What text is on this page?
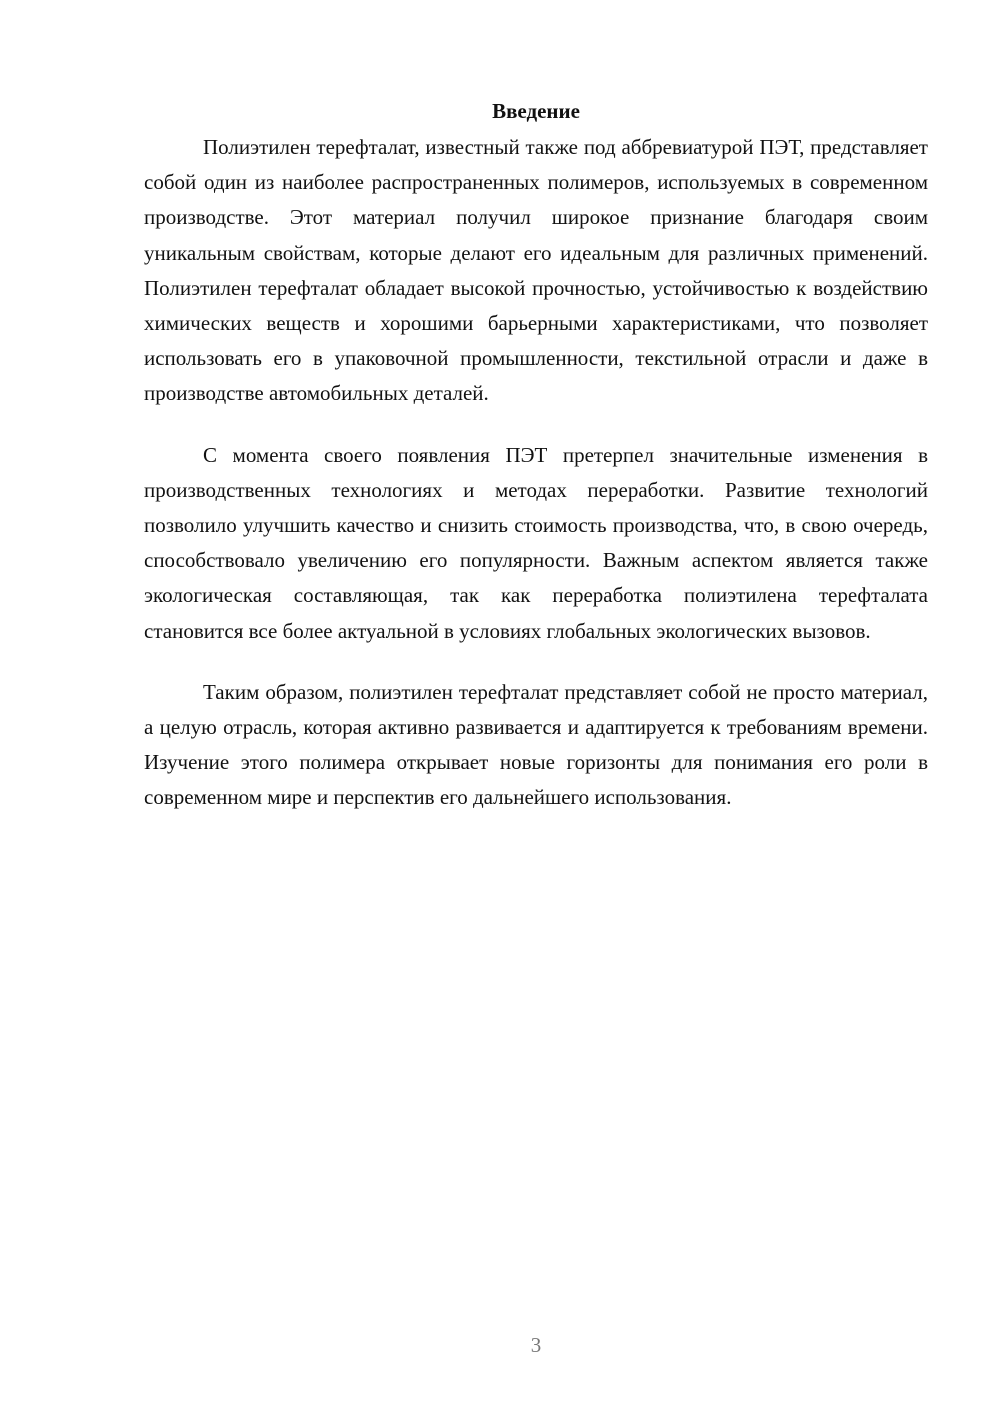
Введение

Полиэтилен терефталат, известный также под аббревиатурой ПЭТ, представляет собой один из наиболее распространенных полимеров, используемых в современном производстве. Этот материал получил широкое признание благодаря своим уникальным свойствам, которые делают его идеальным для различных применений. Полиэтилен терефталат обладает высокой прочностью, устойчивостью к воздействию химических веществ и хорошими барьерными характеристиками, что позволяет использовать его в упаковочной промышленности, текстильной отрасли и даже в производстве автомобильных деталей.

С момента своего появления ПЭТ претерпел значительные изменения в производственных технологиях и методах переработки. Развитие технологий позволило улучшить качество и снизить стоимость производства, что, в свою очередь, способствовало увеличению его популярности. Важным аспектом является также экологическая составляющая, так как переработка полиэтилена терефталата становится все более актуальной в условиях глобальных экологических вызовов.

Таким образом, полиэтилен терефталат представляет собой не просто материал, а целую отрасль, которая активно развивается и адаптируется к требованиям времени. Изучение этого полимера открывает новые горизонты для понимания его роли в современном мире и перспектив его дальнейшего использования.

3
